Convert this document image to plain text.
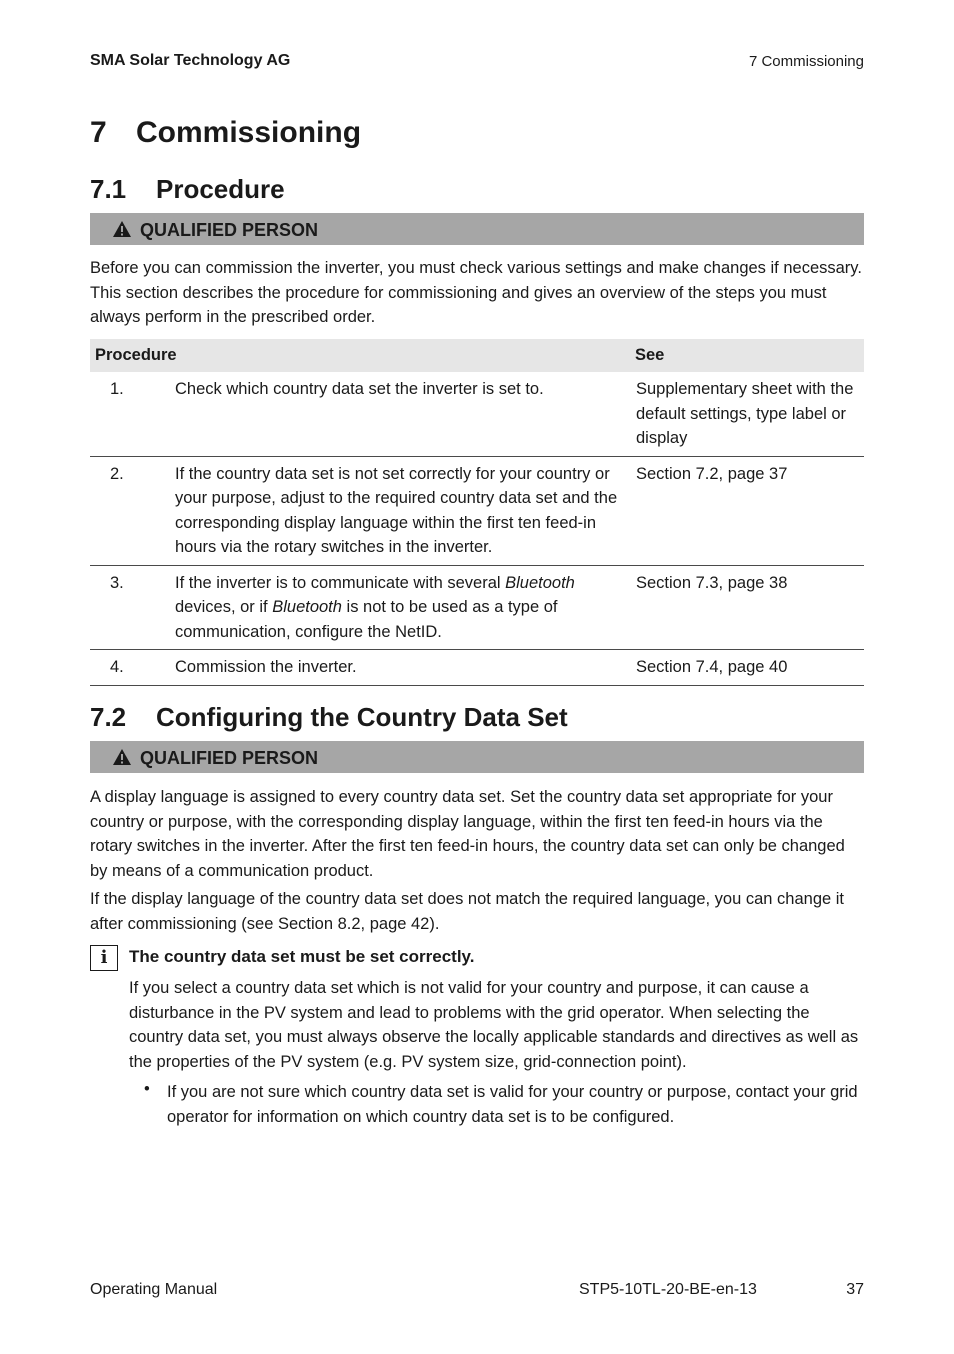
SMA Solar Technology AG	7 Commissioning
7 Commissioning
7.1 Procedure
QUALIFIED PERSON
Before you can commission the inverter, you must check various settings and make changes if necessary. This section describes the procedure for commissioning and gives an overview of the steps you must always perform in the prescribed order.
Procedure		See
1.	Check which country data set the inverter is set to.	Supplementary sheet with the default settings, type label or display
2.	If the country data set is not set correctly for your country or your purpose, adjust to the required country data set and the corresponding display language within the first ten feed-in hours via the rotary switches in the inverter.	Section 7.2, page 37
3.	If the inverter is to communicate with several Bluetooth devices, or if Bluetooth is not to be used as a type of communication, configure the NetID.	Section 7.3, page 38
4.	Commission the inverter.	Section 7.4, page 40
7.2 Configuring the Country Data Set
QUALIFIED PERSON
A display language is assigned to every country data set. Set the country data set appropriate for your country or purpose, with the corresponding display language, within the first ten feed-in hours via the rotary switches in the inverter. After the first ten feed-in hours, the country data set can only be changed by means of a communication product.
If the display language of the country data set does not match the required language, you can change it after commissioning (see Section 8.2, page 42).
i	The country data set must be set correctly.
If you select a country data set which is not valid for your country and purpose, it can cause a disturbance in the PV system and lead to problems with the grid operator. When selecting the country data set, you must always observe the locally applicable standards and directives as well as the properties of the PV system (e.g. PV system size, grid-connection point).
• If you are not sure which country data set is valid for your country or purpose, contact your grid operator for information on which country data set is to be configured.
Operating Manual	STP5-10TL-20-BE-en-13	37
